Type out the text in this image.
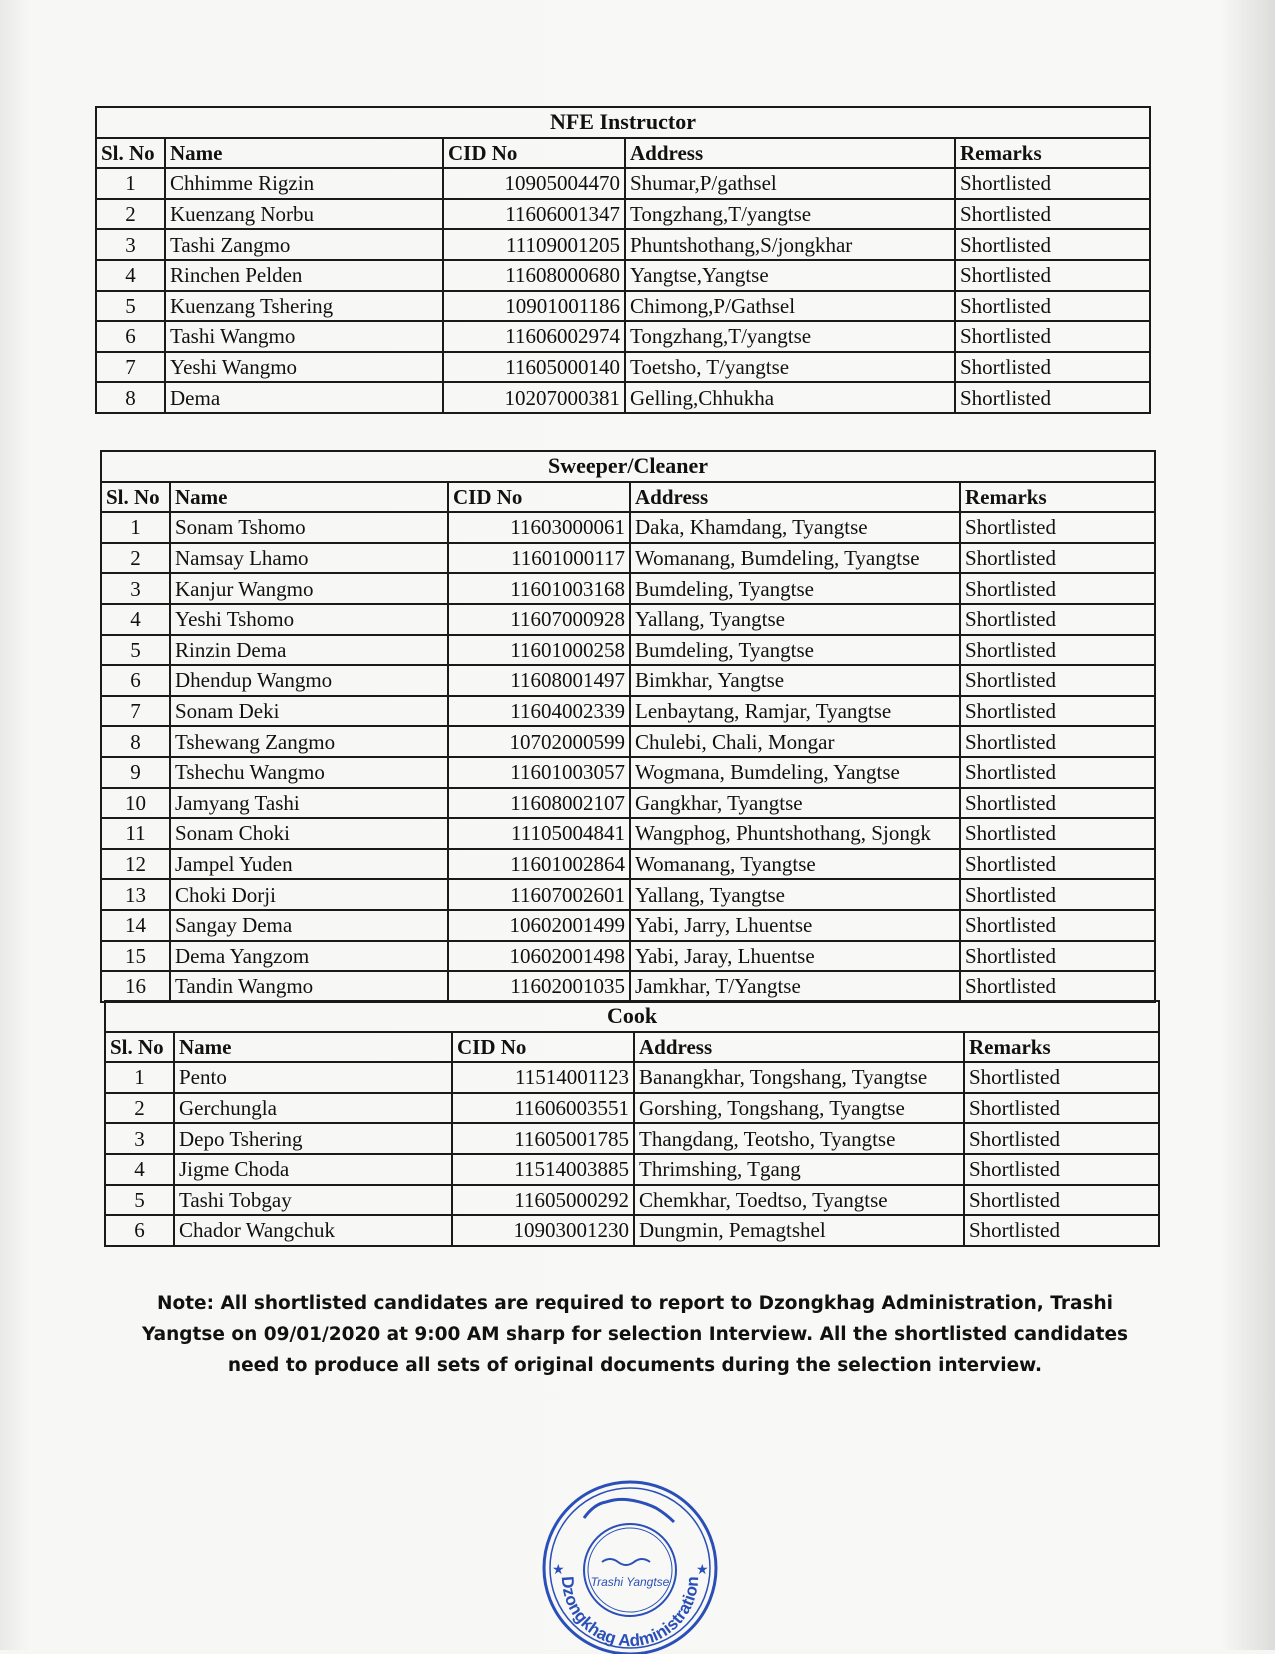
NFE Instructor				
Sl. No	Name	CID No	Address	Remarks
1	Chhimme Rigzin	10905004470	Shumar,P/gathsel	Shortlisted
2	Kuenzang Norbu	11606001347	Tongzhang,T/yangtse	Shortlisted
3	Tashi Zangmo	11109001205	Phuntshothang,S/jongkhar	Shortlisted
4	Rinchen Pelden	11608000680	Yangtse,Yangtse	Shortlisted
5	Kuenzang Tshering	10901001186	Chimong,P/Gathsel	Shortlisted
6	Tashi Wangmo	11606002974	Tongzhang,T/yangtse	Shortlisted
7	Yeshi Wangmo	11605000140	Toetsho, T/yangtse	Shortlisted
8	Dema	10207000381	Gelling,Chhukha	Shortlisted
Sweeper/Cleaner				
Sl. No	Name	CID No	Address	Remarks
1	Sonam Tshomo	11603000061	Daka, Khamdang, Tyangtse	Shortlisted
2	Namsay Lhamo	11601000117	Womanang, Bumdeling, Tyangtse	Shortlisted
3	Kanjur Wangmo	11601003168	Bumdeling, Tyangtse	Shortlisted
4	Yeshi Tshomo	11607000928	Yallang, Tyangtse	Shortlisted
5	Rinzin Dema	11601000258	Bumdeling, Tyangtse	Shortlisted
6	Dhendup Wangmo	11608001497	Bimkhar, Yangtse	Shortlisted
7	Sonam Deki	11604002339	Lenbaytang, Ramjar, Tyangtse	Shortlisted
8	Tshewang Zangmo	10702000599	Chulebi, Chali, Mongar	Shortlisted
9	Tshechu Wangmo	11601003057	Wogmana, Bumdeling, Yangtse	Shortlisted
10	Jamyang Tashi	11608002107	Gangkhar, Tyangtse	Shortlisted
11	Sonam Choki	11105004841	Wangphog, Phuntshothang, Sjongk	Shortlisted
12	Jampel Yuden	11601002864	Womanang, Tyangtse	Shortlisted
13	Choki Dorji	11607002601	Yallang, Tyangtse	Shortlisted
14	Sangay Dema	10602001499	Yabi, Jarry, Lhuentse	Shortlisted
15	Dema Yangzom	10602001498	Yabi, Jaray, Lhuentse	Shortlisted
16	Tandin Wangmo	11602001035	Jamkhar, T/Yangtse	Shortlisted
Cook				
Sl. No	Name	CID No	Address	Remarks
1	Pento	11514001123	Banangkhar, Tongshang, Tyangtse	Shortlisted
2	Gerchungla	11606003551	Gorshing, Tongshang, Tyangtse	Shortlisted
3	Depo Tshering	11605001785	Thangdang, Teotsho, Tyangtse	Shortlisted
4	Jigme Choda	11514003885	Thrimshing, Tgang	Shortlisted
5	Tashi Tobgay	11605000292	Chemkhar, Toedtso, Tyangtse	Shortlisted
6	Chador Wangchuk	10903001230	Dungmin, Pemagtshel	Shortlisted
Note: All shortlisted candidates are required to report to Dzongkhag Administration, Trashi Yangtse on 09/01/2020 at 9:00 AM sharp for selection Interview. All the shortlisted candidates need to produce all sets of original documents during the selection interview.
Dzongkhag Administration
★	★
Trashi Yangtse
